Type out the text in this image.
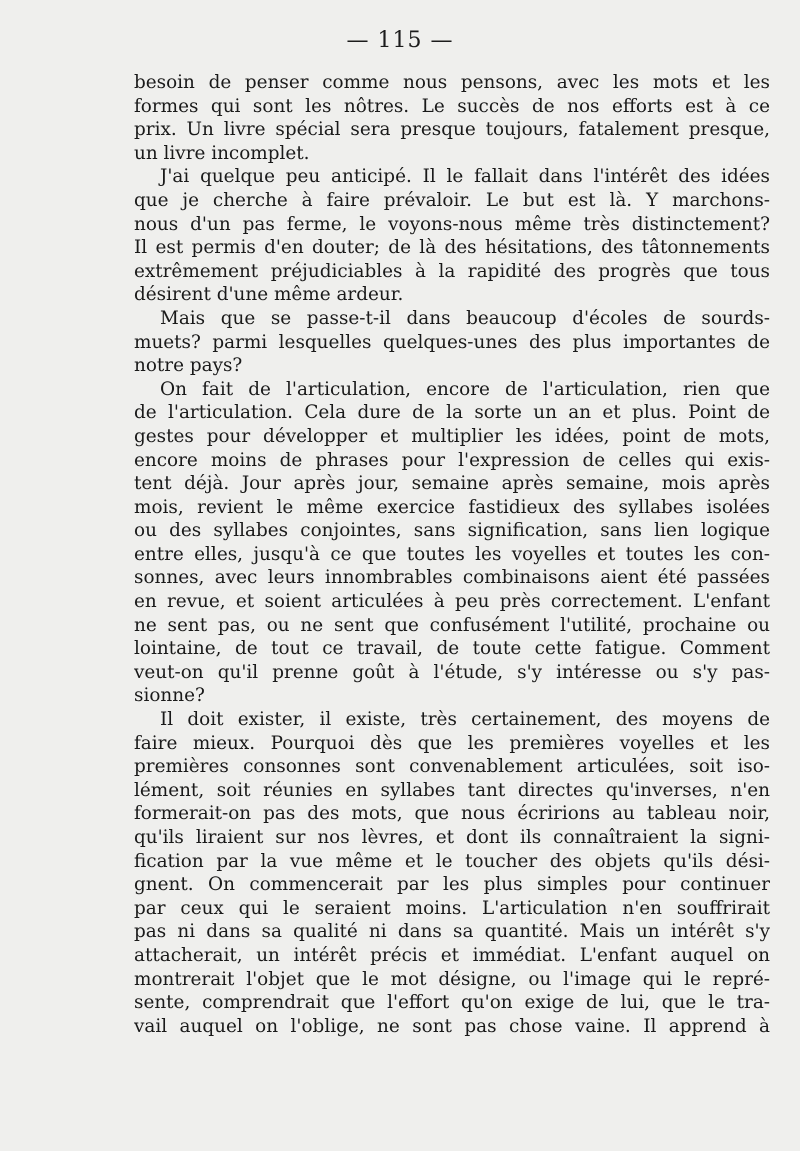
— 115 —
besoin de penser comme nous pensons, avec les mots et les
formes qui sont les nôtres. Le succès de nos efforts est à ce
prix. Un livre spécial sera presque toujours, fatalement presque,
un livre incomplet.
J'ai quelque peu anticipé. Il le fallait dans l'intérêt des idées
que je cherche à faire prévaloir. Le but est là. Y marchons-
nous d'un pas ferme, le voyons-nous même très distinctement?
Il est permis d'en douter; de là des hésitations, des tâtonnements
extrêmement préjudiciables à la rapidité des progrès que tous
désirent d'une même ardeur.
Mais que se passe-t-il dans beaucoup d'écoles de sourds-
muets? parmi lesquelles quelques-unes des plus importantes de
notre pays?
On fait de l'articulation, encore de l'articulation, rien que
de l'articulation. Cela dure de la sorte un an et plus. Point de
gestes pour développer et multiplier les idées, point de mots,
encore moins de phrases pour l'expression de celles qui exis-
tent déjà. Jour après jour, semaine après semaine, mois après
mois, revient le même exercice fastidieux des syllabes isolées
ou des syllabes conjointes, sans signification, sans lien logique
entre elles, jusqu'à ce que toutes les voyelles et toutes les con-
sonnes, avec leurs innombrables combinaisons aient été passées
en revue, et soient articulées à peu près correctement. L'enfant
ne sent pas, ou ne sent que confusément l'utilité, prochaine ou
lointaine, de tout ce travail, de toute cette fatigue. Comment
veut-on qu'il prenne goût à l'étude, s'y intéresse ou s'y pas-
sionne?
Il doit exister, il existe, très certainement, des moyens de
faire mieux. Pourquoi dès que les premières voyelles et les
premières consonnes sont convenablement articulées, soit iso-
lément, soit réunies en syllabes tant directes qu'inverses, n'en
formerait-on pas des mots, que nous écririons au tableau noir,
qu'ils liraient sur nos lèvres, et dont ils connaîtraient la signi-
fication par la vue même et le toucher des objets qu'ils dési-
gnent. On commencerait par les plus simples pour continuer
par ceux qui le seraient moins. L'articulation n'en souffrirait
pas ni dans sa qualité ni dans sa quantité. Mais un intérêt s'y
attacherait, un intérêt précis et immédiat. L'enfant auquel on
montrerait l'objet que le mot désigne, ou l'image qui le repré-
sente, comprendrait que l'effort qu'on exige de lui, que le tra-
vail auquel on l'oblige, ne sont pas chose vaine. Il apprend à
